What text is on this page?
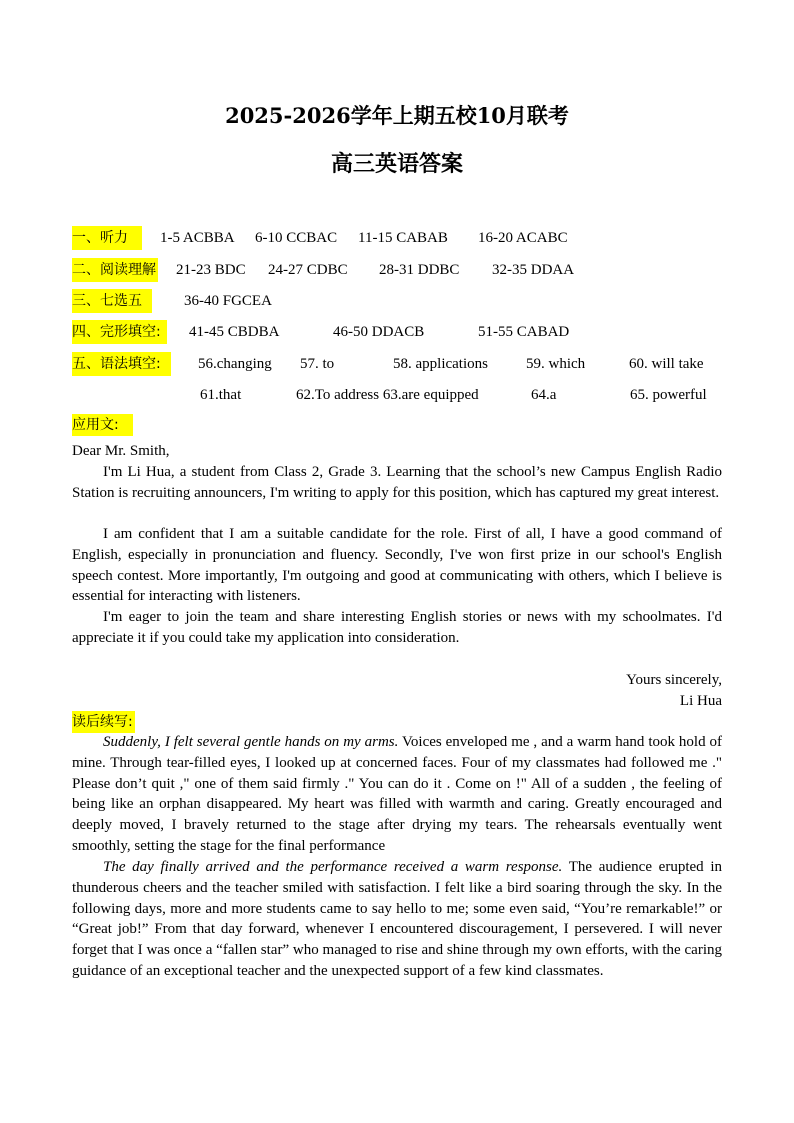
2025-2026学年上期五校10月联考
高三英语答案
一、听力 1-5 ACBBA 6-10 CCBAC 11-15 CABAB 16-20 ACABC
二、阅读理解 21-23 BDC 24-27 CDBC 28-31 DDBC 32-35 DDAA
三、七选五	36-40 FGCEA
四、完形填空: 41-45 CBDBA	46-50 DDACB	51-55 CABAD
五、语法填空: 56.changing 57. to	58. applications	59. which	60. will take
61.that	62.To address 63.are equipped	64.a	65. powerful
应用文:

Dear Mr. Smith,

I'm Li Hua, a student from Class 2, Grade 3. Learning that the school’s new Campus English Radio Station is recruiting announcers, I'm writing to apply for this position, which has captured my great interest.

I am confident that I am a suitable candidate for the role. First of all, I have a good command of English, especially in pronunciation and fluency. Secondly, I've won first prize in our school's English speech contest. More importantly, I'm outgoing and good at communicating with others, which I believe is essential for interacting with listeners.

I'm eager to join the team and share interesting English stories or news with my schoolmates. I'd appreciate it if you could take my application into consideration.

Yours sincerely,
Li Hua
读后续写:

Suddenly, I felt several gentle hands on my arms. Voices enveloped me , and a warm hand took hold of mine. Through tear-filled eyes, I looked up at concerned faces. Four of my classmates had followed me ." Please don’t quit ," one of them said firmly ." You can do it . Come on !" All of a sudden , the feeling of being like an orphan disappeared. My heart was filled with warmth and caring. Greatly encouraged and deeply moved, I bravely returned to the stage after drying my tears. The rehearsals eventually went smoothly, setting the stage for the final performance

The day finally arrived and the performance received a warm response. The audience erupted in thunderous cheers and the teacher smiled with satisfaction. I felt like a bird soaring through the sky. In the following days, more and more students came to say hello to me; some even said, “You’re remarkable!” or “Great job!” From that day forward, whenever I encountered discouragement, I persevered. I will never forget that I was once a “fallen star” who managed to rise and shine through my own efforts, with the caring guidance of an exceptional teacher and the unexpected support of a few kind classmates.
